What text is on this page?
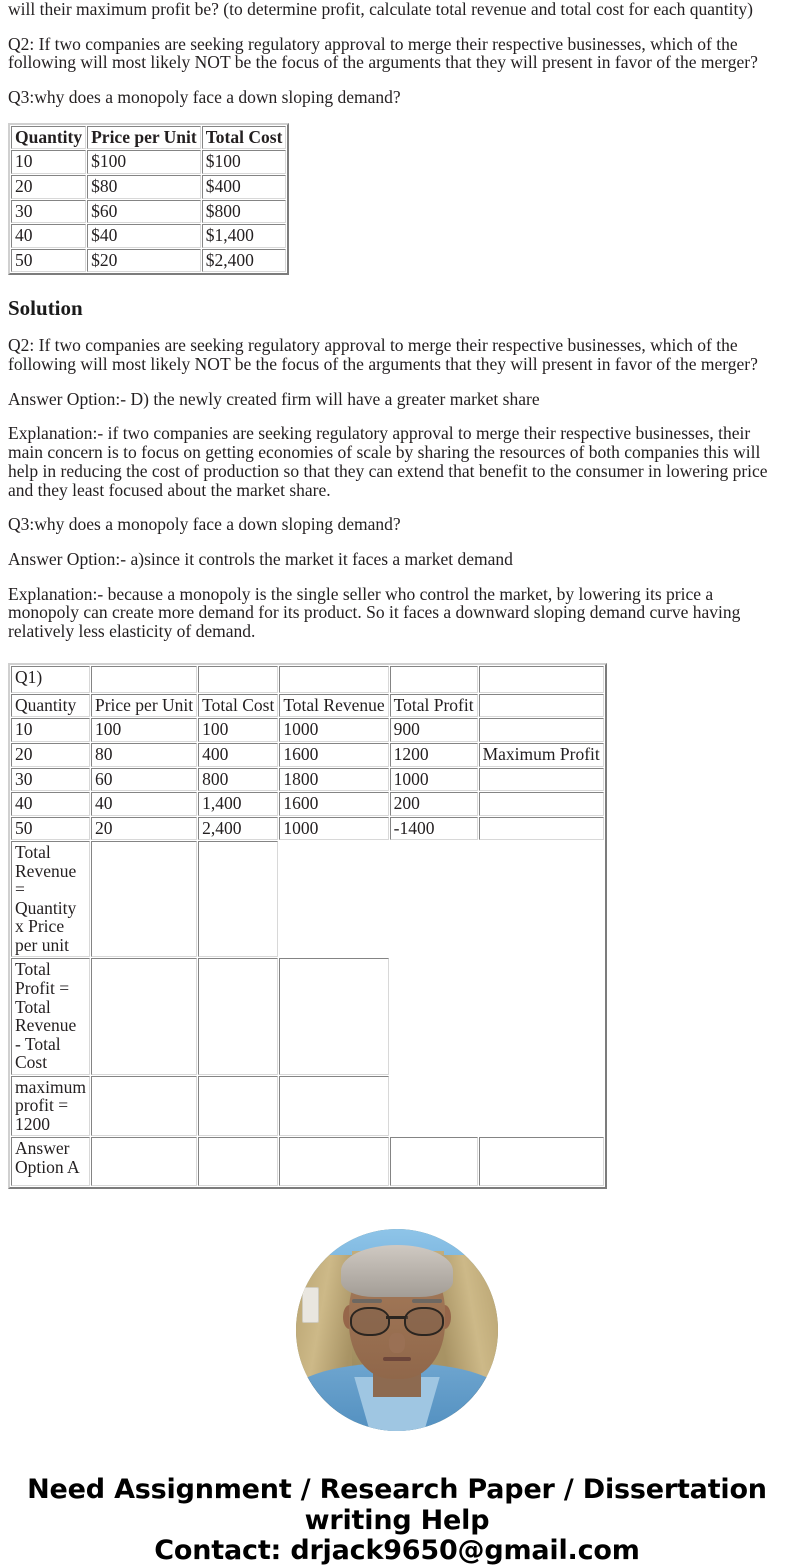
will their maximum profit be? (to determine profit, calculate total revenue and total cost for each quantity)

Q2: If two companies are seeking regulatory approval to merge their respective businesses, which of the following will most likely NOT be the focus of the arguments that they will present in favor of the merger?

Q3:why does a monopoly face a down sloping demand?

Quantity	Price per Unit	Total Cost
10	$100	$100
20	$80	$400
30	$60	$800
40	$40	$1,400
50	$20	$2,400
Solution

Q2: If two companies are seeking regulatory approval to merge their respective businesses, which of the following will most likely NOT be the focus of the arguments that they will present in favor of the merger?

Answer Option:- D) the newly created firm will have a greater market share

Explanation:- if two companies are seeking regulatory approval to merge their respective businesses, their main concern is to focus on getting economies of scale by sharing the resources of both companies this will help in reducing the cost of production so that they can extend that benefit to the consumer in lowering price and they least focused about the market share.

Q3:why does a monopoly face a down sloping demand?

Answer Option:- a)since it controls the market it faces a market demand

Explanation:- because a monopoly is the single seller who control the market, by lowering its price a monopoly can create more demand for its product. So it faces a downward sloping demand curve having relatively less elasticity of demand.

Q1)					
Quantity	Price per Unit	Total Cost	Total Revenue	Total Profit	
10	100	100	1000	900	
20	80	400	1600	1200	Maximum Profit
30	60	800	1800	1000	
40	40	1,400	1600	200	
50	20	2,400	1000	-1400	
Total Revenue = Quantity x Price per unit					
Total Profit = Total Revenue - Total Cost					
maximum profit = 1200					
Answer Option A					
Need Assignment / Research Paper / Dissertation
writing Help
Contact: drjack9650@gmail.com
